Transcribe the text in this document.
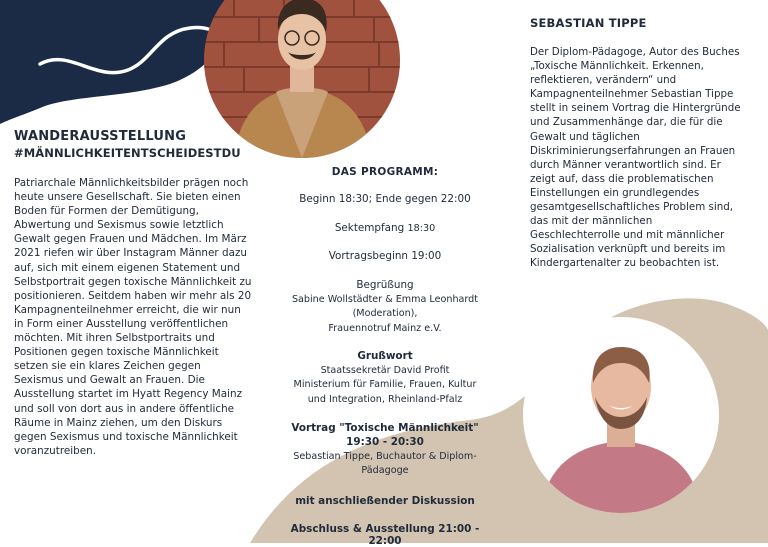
WANDERAUSSTELLUNG
#MÄNNLICHKEITENTSCHEIDESTDU

Patriarchale Männlichkeitsbilder prägen noch heute unsere Gesellschaft. Sie bieten einen Boden für Formen der Demütigung, Abwertung und Sexismus sowie letztlich Gewalt gegen Frauen und Mädchen. Im März 2021 riefen wir über Instagram Männer dazu auf, sich mit einem eigenen Statement und Selbstportrait gegen toxische Männlichkeit zu positionieren. Seitdem haben wir mehr als 20 Kampagnenteilnehmer erreicht, die wir nun in Form einer Ausstellung veröffentlichen möchten. Mit ihren Selbstportraits und Positionen gegen toxische Männlichkeit setzen sie ein klares Zeichen gegen Sexismus und Gewalt an Frauen. Die Ausstellung startet im Hyatt Regency Mainz und soll von dort aus in andere öffentliche Räume in Mainz ziehen, um den Diskurs gegen Sexismus und toxische Männlichkeit voranzutreiben.

DAS PROGRAMM:
Beginn 18:30; Ende gegen 22:00
Sektempfang 18:30
Vortragsbeginn 19:00
Begrüßung
Sabine Wollstädter & Emma Leonhardt
(Moderation),
Frauennotruf Mainz e.V.
Grußwort
Staatssekretär David Profit
Ministerium für Familie, Frauen, Kultur
und Integration, Rheinland-Pfalz
Vortrag "Toxische Männlichkeit"
19:30 - 20:30
Sebastian Tippe, Buchautor & Diplom-
Pädagoge
mit anschließender Diskussion
Abschluss & Ausstellung 21:00 - 22:00
SEBASTIAN TIPPE
Der Diplom-Pädagoge, Autor des Buches „Toxische Männlichkeit. Erkennen, reflektieren, verändern“ und Kampagnenteilnehmer Sebastian Tippe stellt in seinem Vortrag die Hintergründe und Zusammenhänge dar, die für die Gewalt und täglichen Diskriminierungserfahrungen an Frauen durch Männer verantwortlich sind. Er zeigt auf, dass die problematischen Einstellungen ein grundlegendes gesamtgesellschaftliches Problem sind, das mit der männlichen Geschlechterrolle und mit männlicher Sozialisation verknüpft und bereits im Kindergartenalter zu beobachten ist.
